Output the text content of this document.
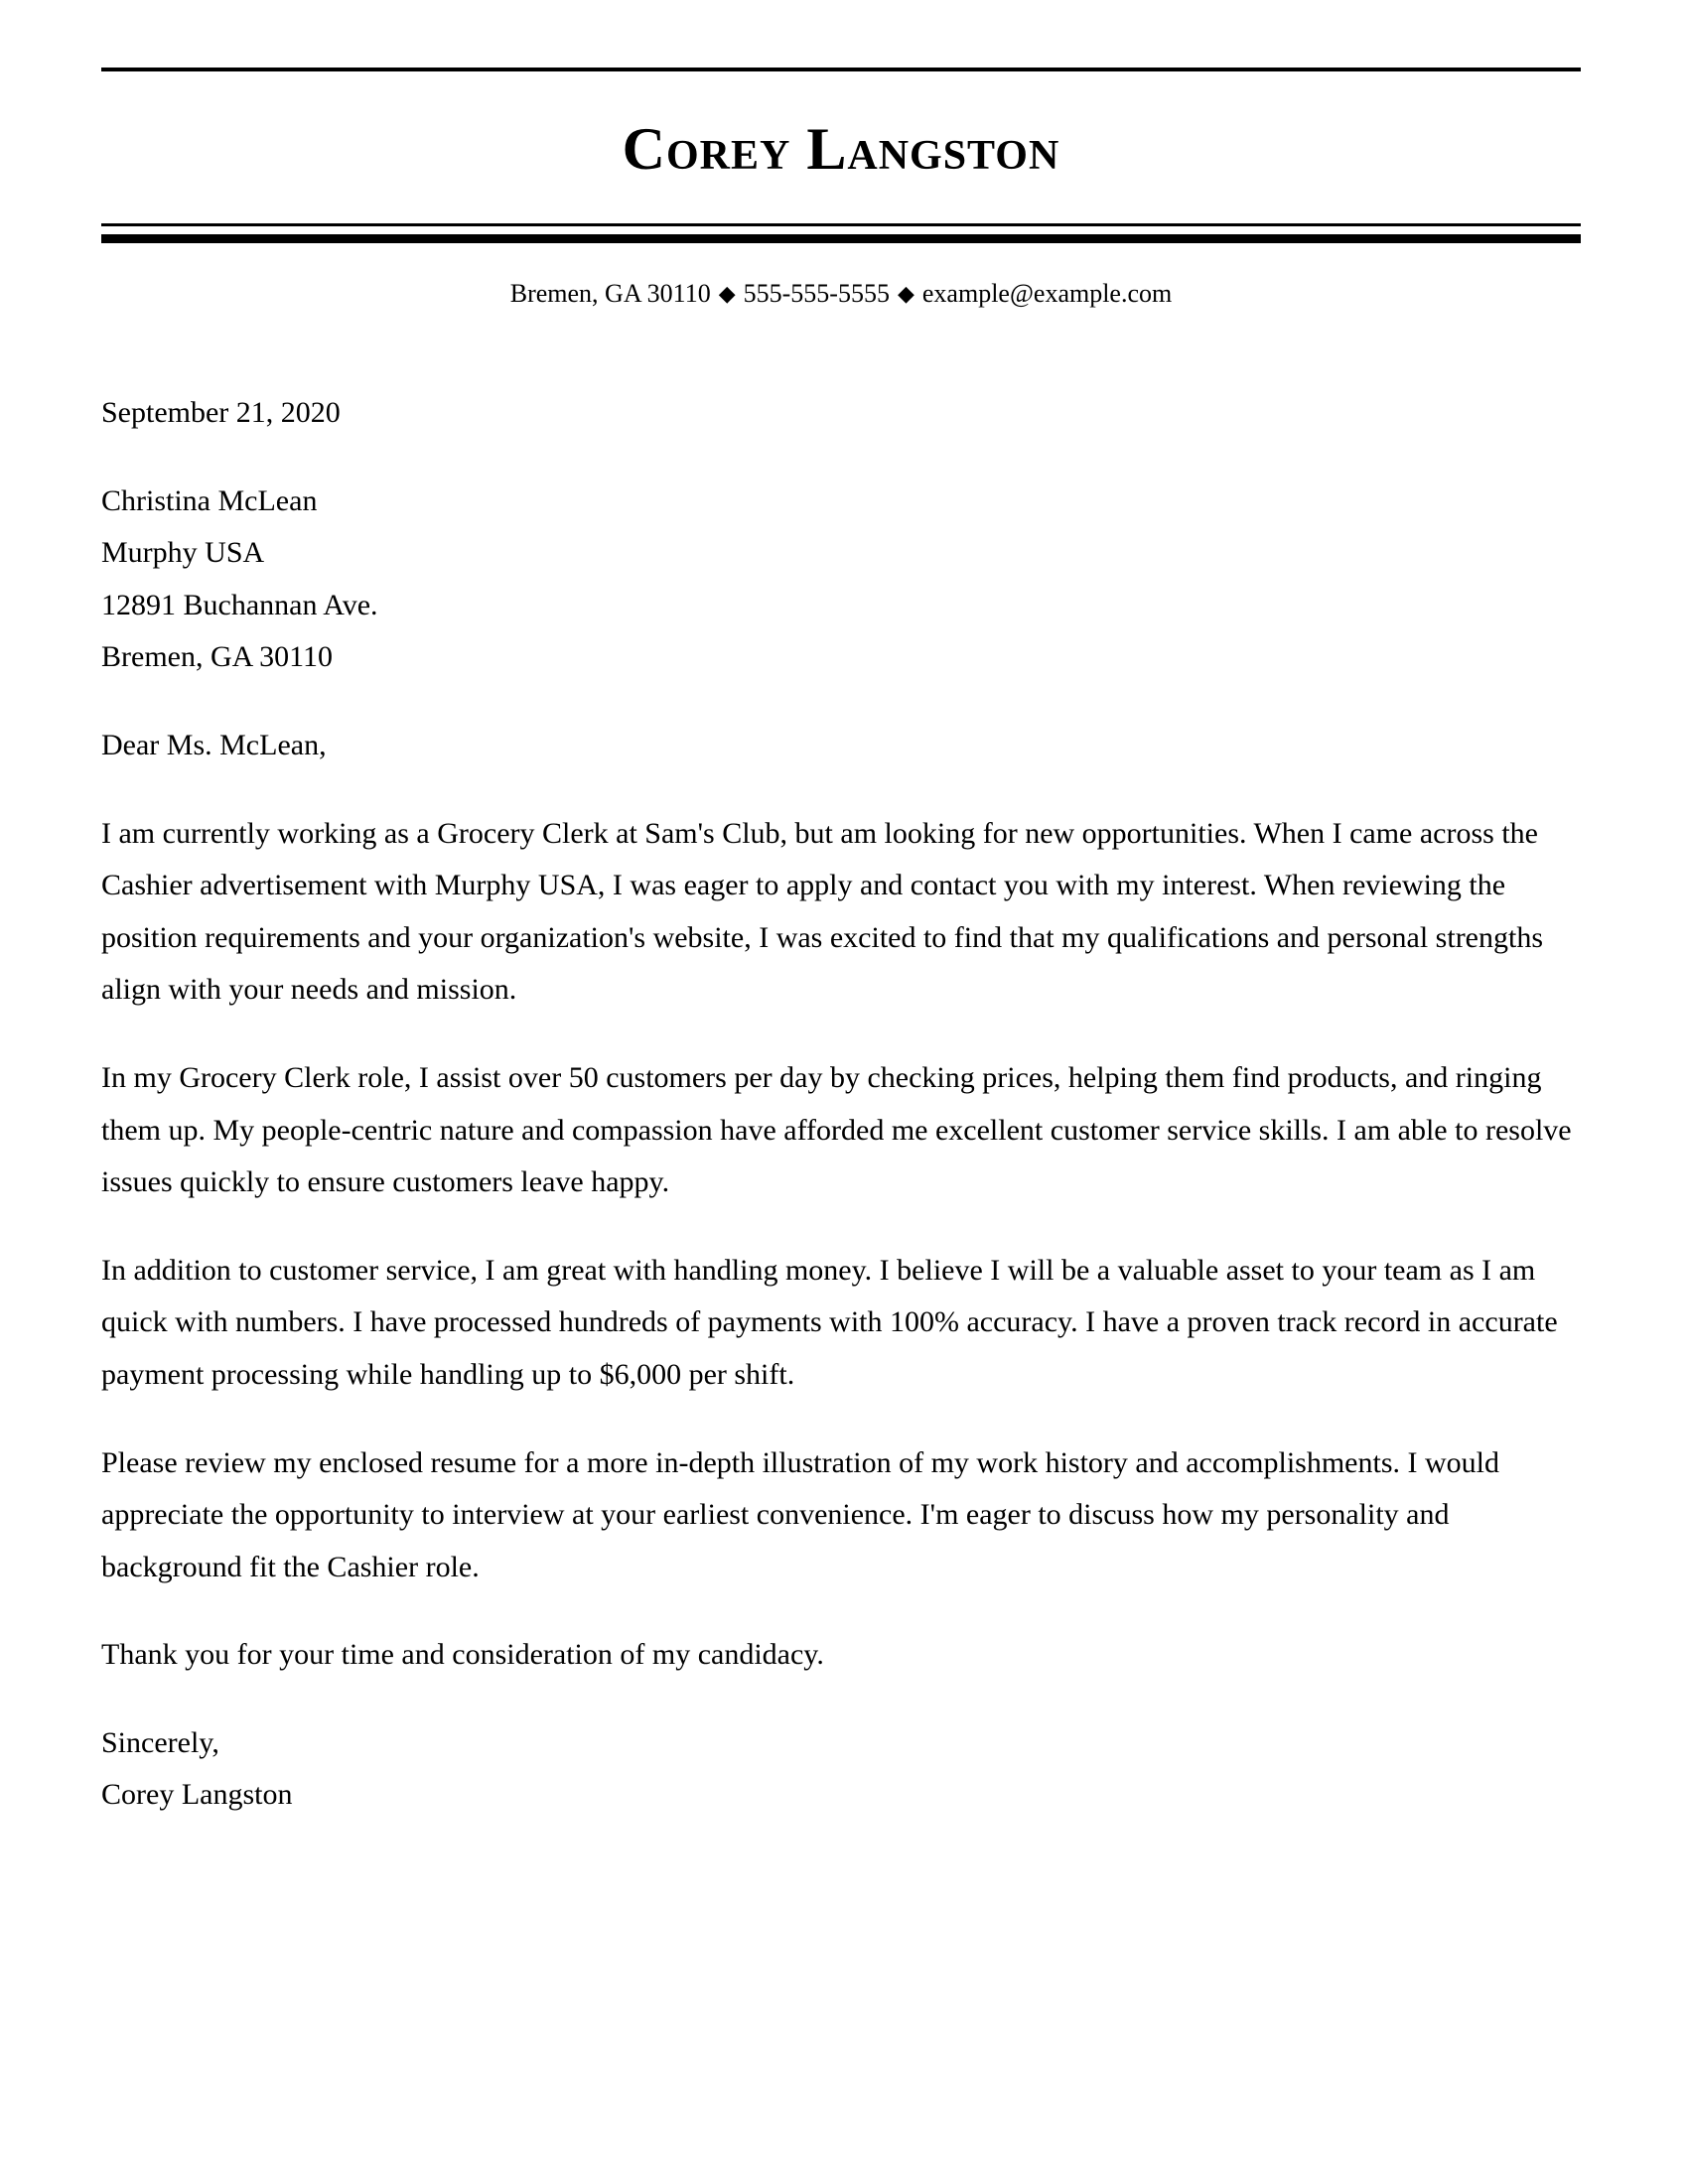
Corey Langston
Bremen, GA 30110 ◆ 555-555-5555 ◆ example@example.com
September 21, 2020
Christina McLean
Murphy USA
12891 Buchannan Ave.
Bremen, GA 30110
Dear Ms. McLean,

I am currently working as a Grocery Clerk at Sam's Club, but am looking for new opportunities. When I came across the Cashier advertisement with Murphy USA, I was eager to apply and contact you with my interest. When reviewing the position requirements and your organization's website, I was excited to find that my qualifications and personal strengths align with your needs and mission.

In my Grocery Clerk role, I assist over 50 customers per day by checking prices, helping them find products, and ringing them up. My people-centric nature and compassion have afforded me excellent customer service skills. I am able to resolve issues quickly to ensure customers leave happy.

In addition to customer service, I am great with handling money. I believe I will be a valuable asset to your team as I am quick with numbers. I have processed hundreds of payments with 100% accuracy. I have a proven track record in accurate payment processing while handling up to $6,000 per shift.

Please review my enclosed resume for a more in-depth illustration of my work history and accomplishments. I would appreciate the opportunity to interview at your earliest convenience. I'm eager to discuss how my personality and background fit the Cashier role.

Thank you for your time and consideration of my candidacy.
Sincerely,
Corey Langston
